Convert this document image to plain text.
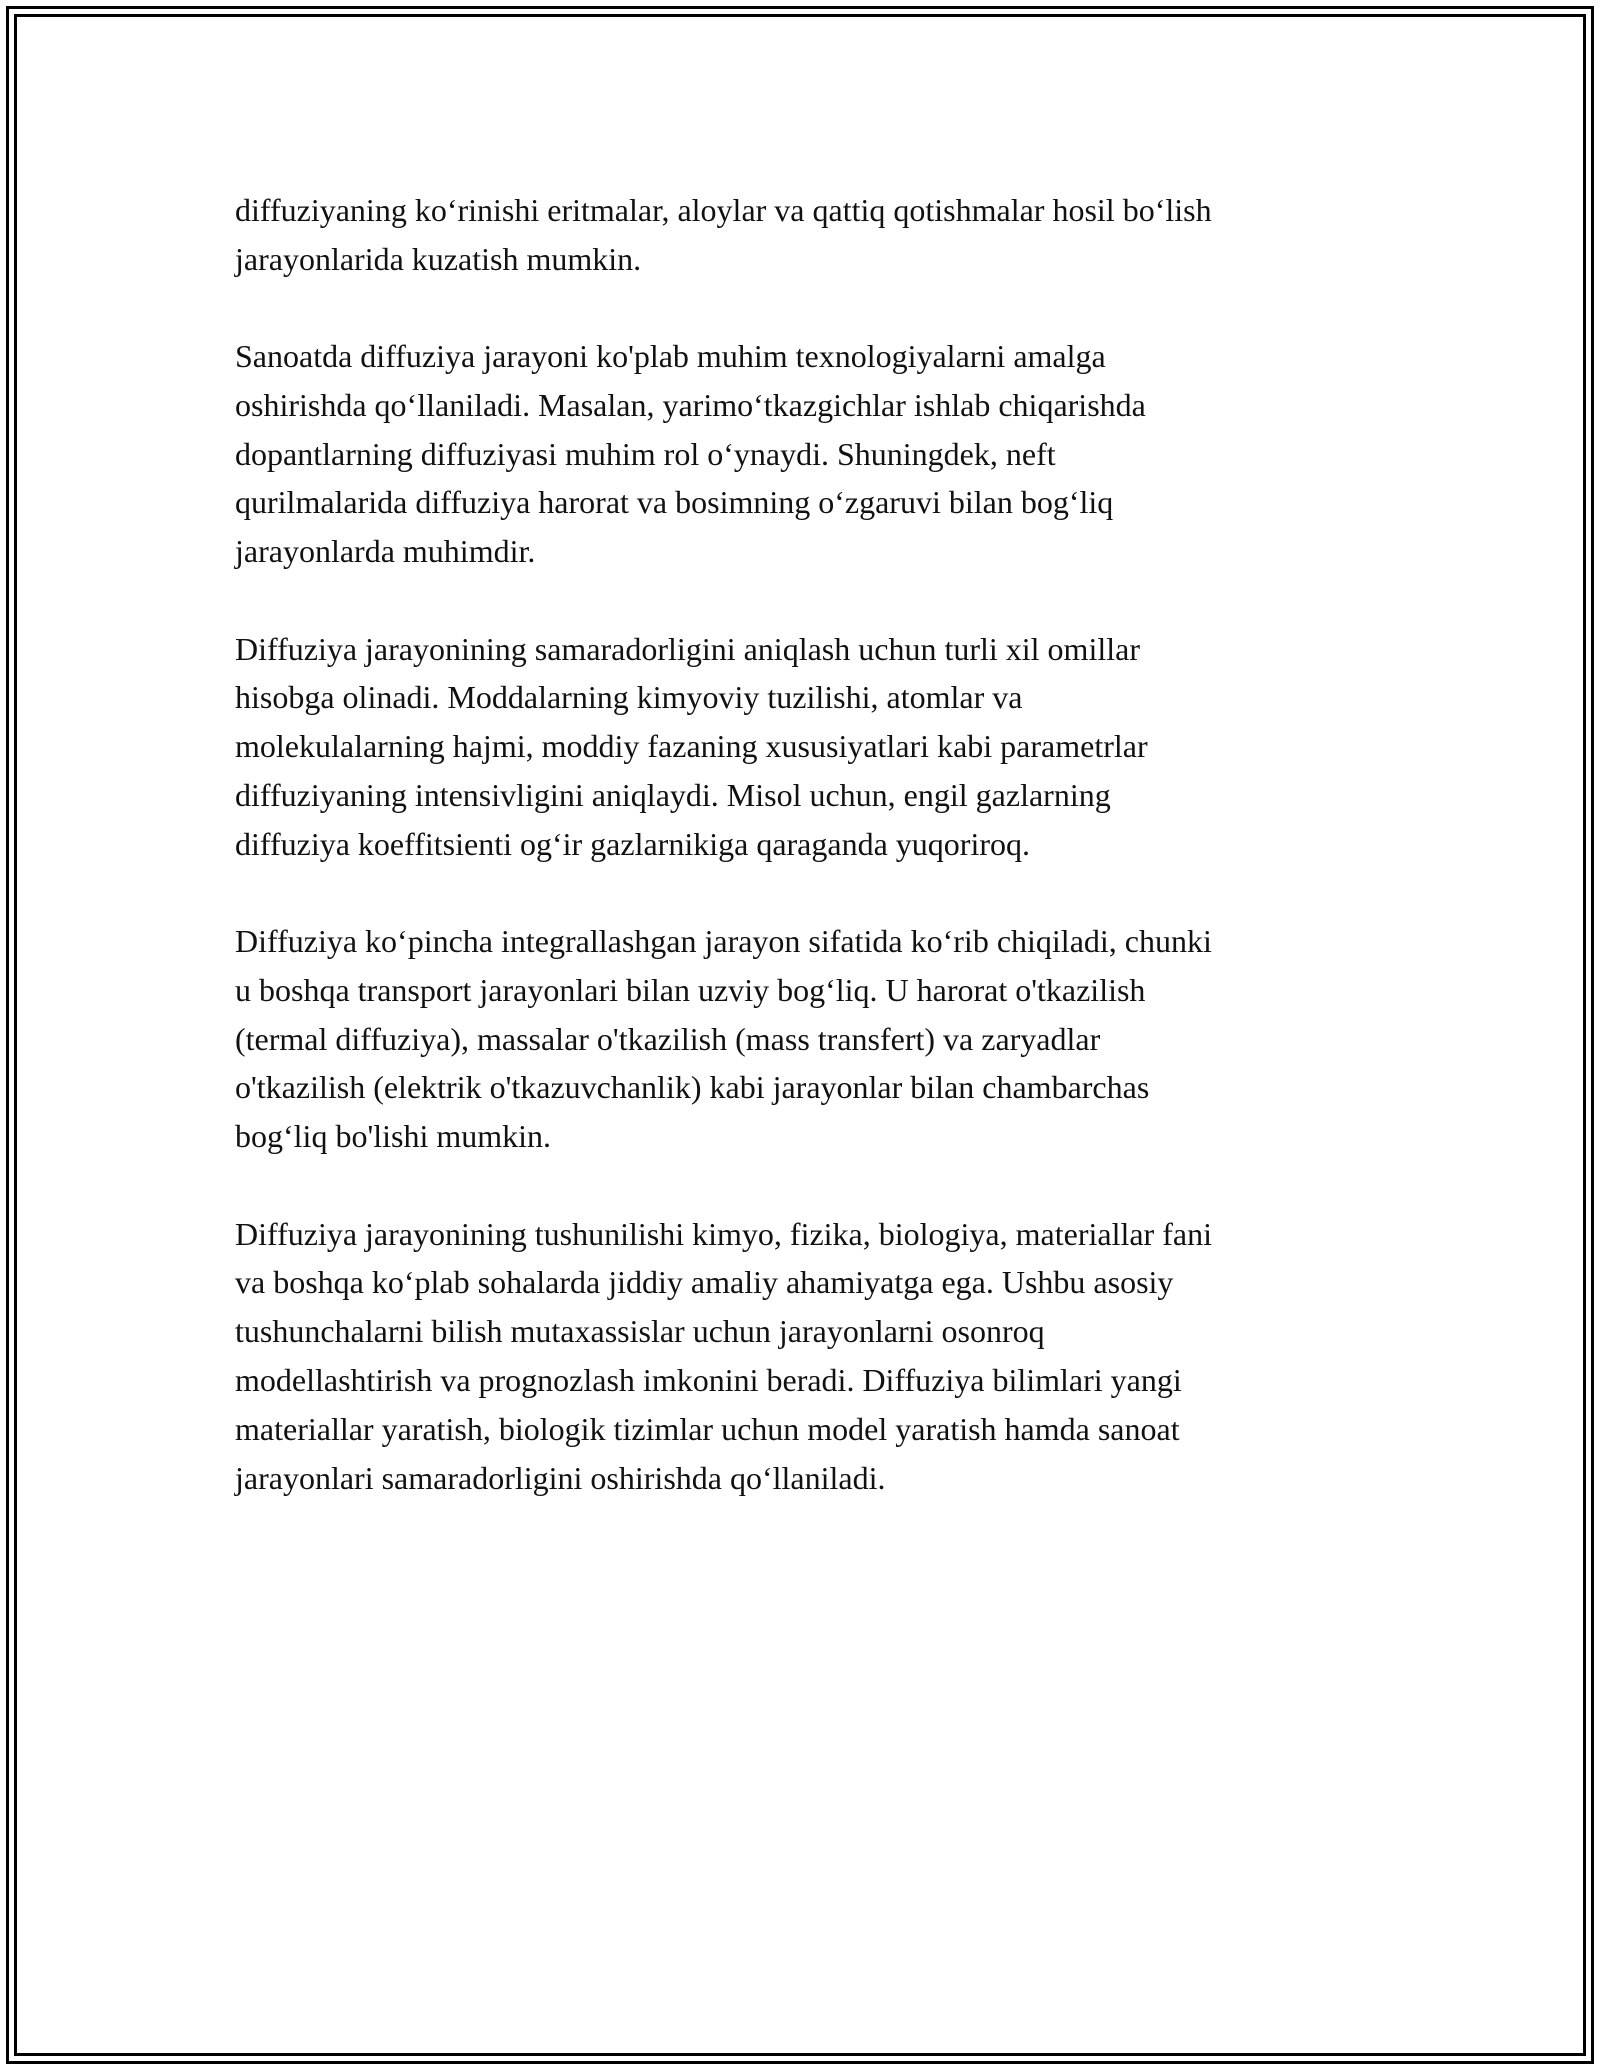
diffuziyaning ko‘rinishi eritmalar, aloylar va qattiq qotishmalar hosil bo‘lish
jarayonlarida kuzatish mumkin.

Sanoatda diffuziya jarayoni ko'plab muhim texnologiyalarni amalga
oshirishda qo‘llaniladi. Masalan, yarimo‘tkazgichlar ishlab chiqarishda
dopantlarning diffuziyasi muhim rol o‘ynaydi. Shuningdek, neft
qurilmalarida diffuziya harorat va bosimning o‘zgaruvi bilan bog‘liq
jarayonlarda muhimdir.

Diffuziya jarayonining samaradorligini aniqlash uchun turli xil omillar
hisobga olinadi. Moddalarning kimyoviy tuzilishi, atomlar va
molekulalarning hajmi, moddiy fazaning xususiyatlari kabi parametrlar
diffuziyaning intensivligini aniqlaydi. Misol uchun, engil gazlarning
diffuziya koeffitsienti og‘ir gazlarnikiga qaraganda yuqoriroq.

Diffuziya ko‘pincha integrallashgan jarayon sifatida ko‘rib chiqiladi, chunki
u boshqa transport jarayonlari bilan uzviy bog‘liq. U harorat o'tkazilish
(termal diffuziya), massalar o'tkazilish (mass transfert) va zaryadlar
o'tkazilish (elektrik o'tkazuvchanlik) kabi jarayonlar bilan chambarchas
bog‘liq bo'lishi mumkin.

Diffuziya jarayonining tushunilishi kimyo, fizika, biologiya, materiallar fani
va boshqa ko‘plab sohalarda jiddiy amaliy ahamiyatga ega. Ushbu asosiy
tushunchalarni bilish mutaxassislar uchun jarayonlarni osonroq
modellashtirish va prognozlash imkonini beradi. Diffuziya bilimlari yangi
materiallar yaratish, biologik tizimlar uchun model yaratish hamda sanoat
jarayonlari samaradorligini oshirishda qo‘llaniladi.
